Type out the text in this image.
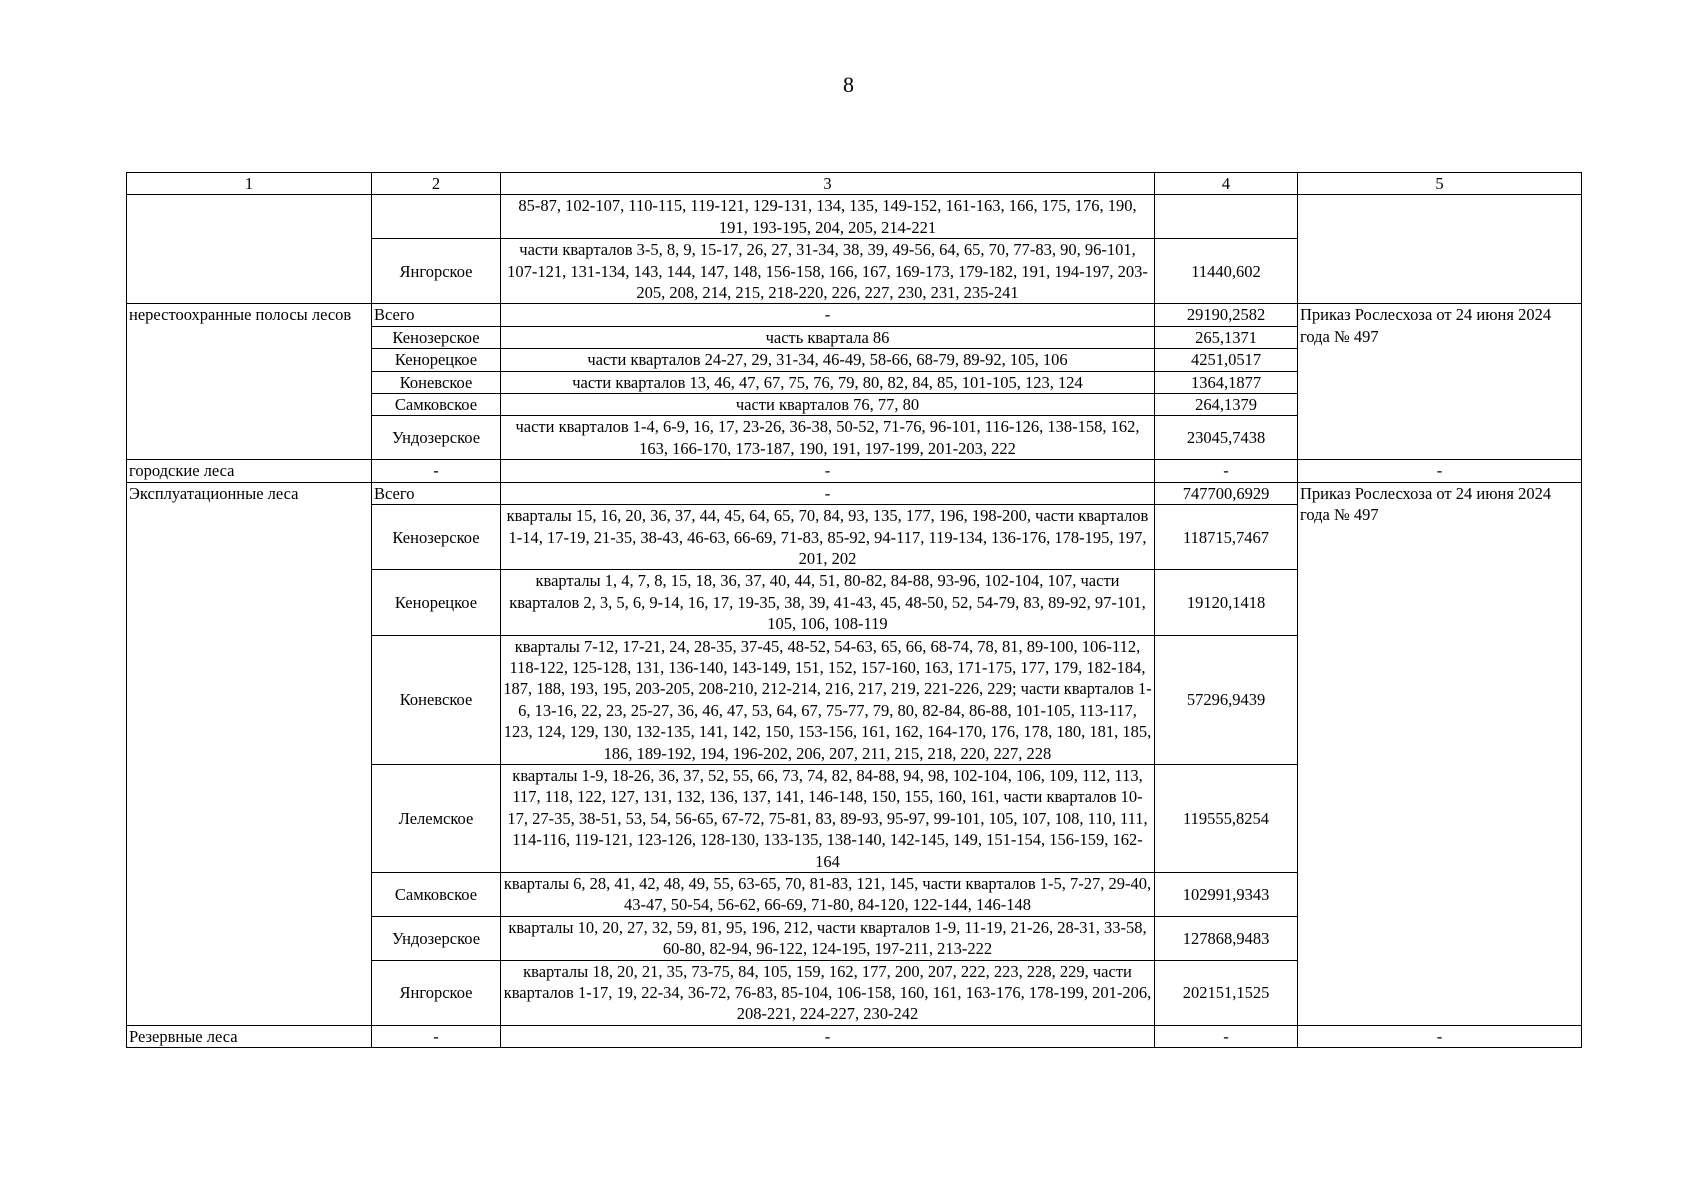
8
1	2	3	4	5
		85-87, 102-107, 110-115, 119-121, 129-131, 134, 135, 149-152, 161-163, 166, 175, 176, 190, 191, 193-195, 204, 205, 214-221		
	Янгорское	части кварталов 3-5, 8, 9, 15-17, 26, 27, 31-34, 38, 39, 49-56, 64, 65, 70, 77-83, 90, 96-101, 107-121, 131-134, 143, 144, 147, 148, 156-158, 166, 167, 169-173, 179-182, 191, 194-197, 203-205, 208, 214, 215, 218-220, 226, 227, 230, 231, 235-241	11440,602	
нерестоохранные полосы лесов	Всего	-	29190,2582	Приказ Рослесхоза от 24 июня 2024 года № 497
	Кенозерское	часть квартала 86	265,1371	
	Кенорецкое	части кварталов 24-27, 29, 31-34, 46-49, 58-66, 68-79, 89-92, 105, 106	4251,0517	
	Коневское	части кварталов 13, 46, 47, 67, 75, 76, 79, 80, 82, 84, 85, 101-105, 123, 124	1364,1877	
	Самковское	части кварталов 76, 77, 80	264,1379	
	Ундозерское	части кварталов 1-4, 6-9, 16, 17, 23-26, 36-38, 50-52, 71-76, 96-101, 116-126, 138-158, 162, 163, 166-170, 173-187, 190, 191, 197-199, 201-203, 222	23045,7438	
городские леса	-	-	-	-
Эксплуатационные леса	Всего	-	747700,6929	Приказ Рослесхоза от 24 июня 2024 года № 497
	Кенозерское	кварталы 15, 16, 20, 36, 37, 44, 45, 64, 65, 70, 84, 93, 135, 177, 196, 198-200, части кварталов 1-14, 17-19, 21-35, 38-43, 46-63, 66-69, 71-83, 85-92, 94-117, 119-134, 136-176, 178-195, 197, 201, 202	118715,7467	
	Кенорецкое	кварталы 1, 4, 7, 8, 15, 18, 36, 37, 40, 44, 51, 80-82, 84-88, 93-96, 102-104, 107, части кварталов 2, 3, 5, 6, 9-14, 16, 17, 19-35, 38, 39, 41-43, 45, 48-50, 52, 54-79, 83, 89-92, 97-101, 105, 106, 108-119	19120,1418	
	Коневское	кварталы 7-12, 17-21, 24, 28-35, 37-45, 48-52, 54-63, 65, 66, 68-74, 78, 81, 89-100, 106-112, 118-122, 125-128, 131, 136-140, 143-149, 151, 152, 157-160, 163, 171-175, 177, 179, 182-184, 187, 188, 193, 195, 203-205, 208-210, 212-214, 216, 217, 219, 221-226, 229; части кварталов 1-6, 13-16, 22, 23, 25-27, 36, 46, 47, 53, 64, 67, 75-77, 79, 80, 82-84, 86-88, 101-105, 113-117, 123, 124, 129, 130, 132-135, 141, 142, 150, 153-156, 161, 162, 164-170, 176, 178, 180, 181, 185, 186, 189-192, 194, 196-202, 206, 207, 211, 215, 218, 220, 227, 228	57296,9439	
	Лелемское	кварталы 1-9, 18-26, 36, 37, 52, 55, 66, 73, 74, 82, 84-88, 94, 98, 102-104, 106, 109, 112, 113, 117, 118, 122, 127, 131, 132, 136, 137, 141, 146-148, 150, 155, 160, 161, части кварталов 10-17, 27-35, 38-51, 53, 54, 56-65, 67-72, 75-81, 83, 89-93, 95-97, 99-101, 105, 107, 108, 110, 111, 114-116, 119-121, 123-126, 128-130, 133-135, 138-140, 142-145, 149, 151-154, 156-159, 162-164	119555,8254	
	Самковское	кварталы 6, 28, 41, 42, 48, 49, 55, 63-65, 70, 81-83, 121, 145, части кварталов 1-5, 7-27, 29-40, 43-47, 50-54, 56-62, 66-69, 71-80, 84-120, 122-144, 146-148	102991,9343	
	Ундозерское	кварталы 10, 20, 27, 32, 59, 81, 95, 196, 212, части кварталов 1-9, 11-19, 21-26, 28-31, 33-58, 60-80, 82-94, 96-122, 124-195, 197-211, 213-222	127868,9483	
	Янгорское	кварталы 18, 20, 21, 35, 73-75, 84, 105, 159, 162, 177, 200, 207, 222, 223, 228, 229, части кварталов 1-17, 19, 22-34, 36-72, 76-83, 85-104, 106-158, 160, 161, 163-176, 178-199, 201-206, 208-221, 224-227, 230-242	202151,1525	
Резервные леса	-	-	-	-
